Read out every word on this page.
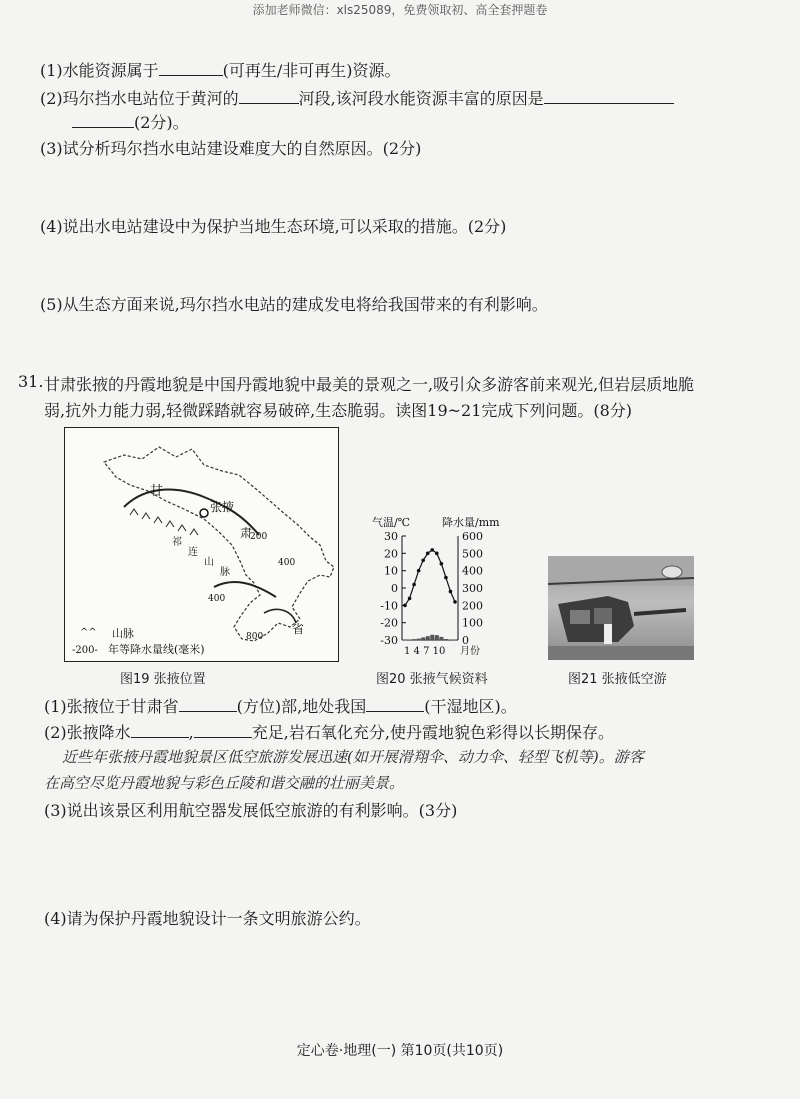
添加老师微信：xls25089，免费领取初、高全套押题卷
(1)水能资源属于	(可再生/非可再生)资源。
(2)玛尔挡水电站位于黄河的	河段,该河段水能资源丰富的原因是
(2分)。
(3)试分析玛尔挡水电站建设难度大的自然原因。(2分)
(4)说出水电站建设中为保护当地生态环境,可以采取的措施。(2分)
(5)从生态方面来说,玛尔挡水电站的建成发电将给我国带来的有利影响。
31. 甘肃张掖的丹霞地貌是中国丹霞地貌中最美的景观之一,吸引众多游客前来观光,但岩层质地脆
弱,抗外力能力弱,轻微踩踏就容易破碎,生态脆弱。读图19~21完成下列问题。(8分)
^^
甘
肃
省
张掖
祁
连
山
脉
200
400
400
800
山脉
-200- 年等降水量线(毫米)
图19 张掖位置
气温/℃	降水量/mm
30
20
10
0
-10
-20
-30
600
500
400
300
200
100
0
1 4 7 10 月份
图20 张掖气候资料	图21 张掖低空游
(1)张掖位于甘肃省	(方位)部,地处我国	(干湿地区)。
(2)张掖降水	,	充足,岩石氧化充分,使丹霞地貌色彩得以长期保存。
近些年张掖丹霞地貌景区低空旅游发展迅速(如开展滑翔伞、动力伞、轻型飞机等)。游客
在高空尽览丹霞地貌与彩色丘陵和谐交融的壮丽美景。
(3)说出该景区利用航空器发展低空旅游的有利影响。(3分)
(4)请为保护丹霞地貌设计一条文明旅游公约。
定心卷·地理(一) 第10页(共10页)
